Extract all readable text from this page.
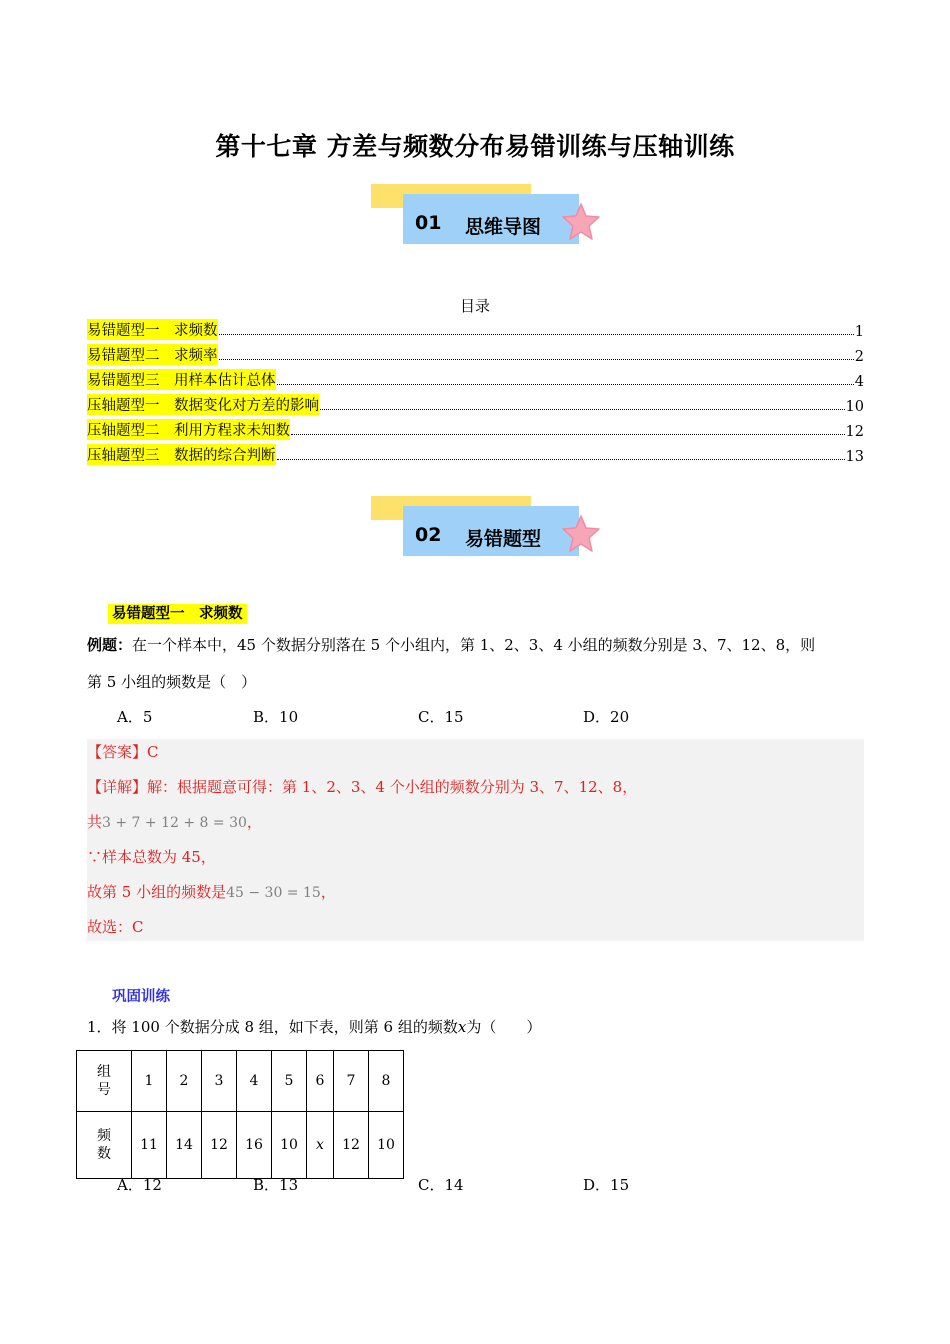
第十七章 方差与频数分布易错训练与压轴训练
01 思维导图
目录
易错题型一　求频数	1
易错题型二　求频率	2
易错题型三　用样本估计总体	4
压轴题型一　数据变化对方差的影响	10
压轴题型二　利用方程求未知数	12
压轴题型三　数据的综合判断	13
02 易错题型
易错题型一　求频数
例题：在一个样本中，45 个数据分别落在 5 个小组内，第 1、2、3、4 小组的频数分别是 3、7、12、8，则
第 5 小组的频数是（　）
A．5	B．10	C．15	D．20
【答案】C
【详解】解：根据题意可得：第 1、2、3、4 个小组的频数分别为 3、7、12、8，
共3 + 7 + 12 + 8 = 30，
∵样本总数为 45，
故第 5 小组的频数是45 − 30 = 15，
故选：C
巩固训练
1．将 100 个数据分成 8 组，如下表，则第 6 组的频数x为（　　）
组
号	1	2	3	4	5	6	7	8
频
数	11	14	12	16	10	x	12	10
A．12	B．13	C．14	D．15
